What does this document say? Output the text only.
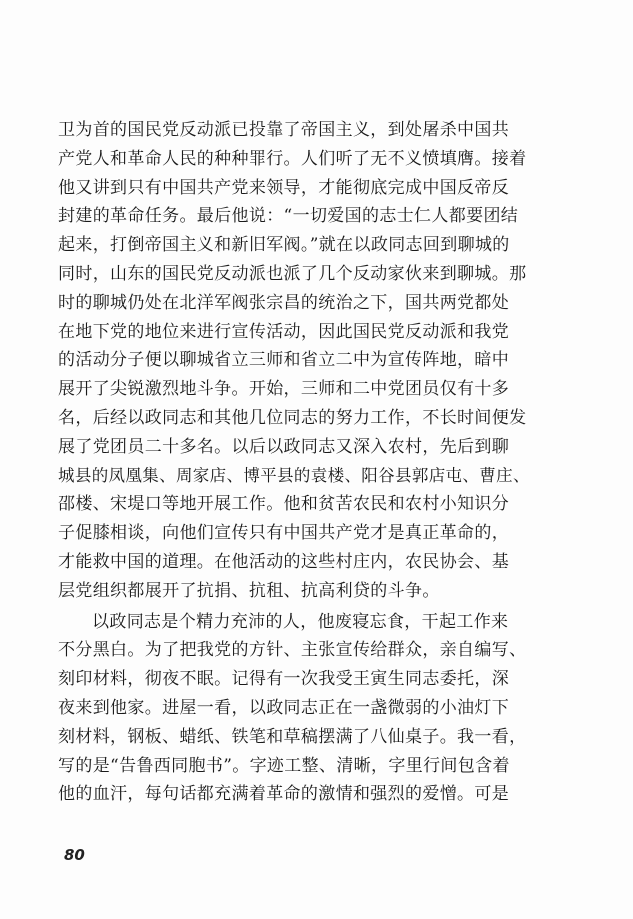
卫为首的国民党反动派已投靠了帝国主义，到处屠杀中国共
产党人和革命人民的种种罪行。人们听了无不义愤填膺。接着
他又讲到只有中国共产党来领导，才能彻底完成中国反帝反
封建的革命任务。最后他说：“一切爱国的志士仁人都要团结
起来，打倒帝国主义和新旧军阀。”就在以政同志回到聊城的
同时，山东的国民党反动派也派了几个反动家伙来到聊城。那
时的聊城仍处在北洋军阀张宗昌的统治之下，国共两党都处
在地下党的地位来进行宣传活动，因此国民党反动派和我党
的活动分子便以聊城省立三师和省立二中为宣传阵地，暗中
展开了尖锐激烈地斗争。开始，三师和二中党团员仅有十多
名，后经以政同志和其他几位同志的努力工作，不长时间便发
展了党团员二十多名。以后以政同志又深入农村，先后到聊
城县的凤凰集、周家店、博平县的袁楼、阳谷县郭店屯、曹庄、
邵楼、宋堤口等地开展工作。他和贫苦农民和农村小知识分
子促膝相谈，向他们宣传只有中国共产党才是真正革命的，
才能救中国的道理。在他活动的这些村庄内，农民协会、基
层党组织都展开了抗捐、抗租、抗高利贷的斗争。
以政同志是个精力充沛的人，他废寝忘食，干起工作来
不分黑白。为了把我党的方针、主张宣传给群众，亲自编写、
刻印材料，彻夜不眠。记得有一次我受王寅生同志委托，深
夜来到他家。进屋一看，以政同志正在一盏微弱的小油灯下
刻材料，钢板、蜡纸、铁笔和草稿摆满了八仙桌子。我一看，
写的是“告鲁西同胞书”。字迹工整、清晰，字里行间包含着
他的血汗，每句话都充满着革命的激情和强烈的爱憎。可是
80
